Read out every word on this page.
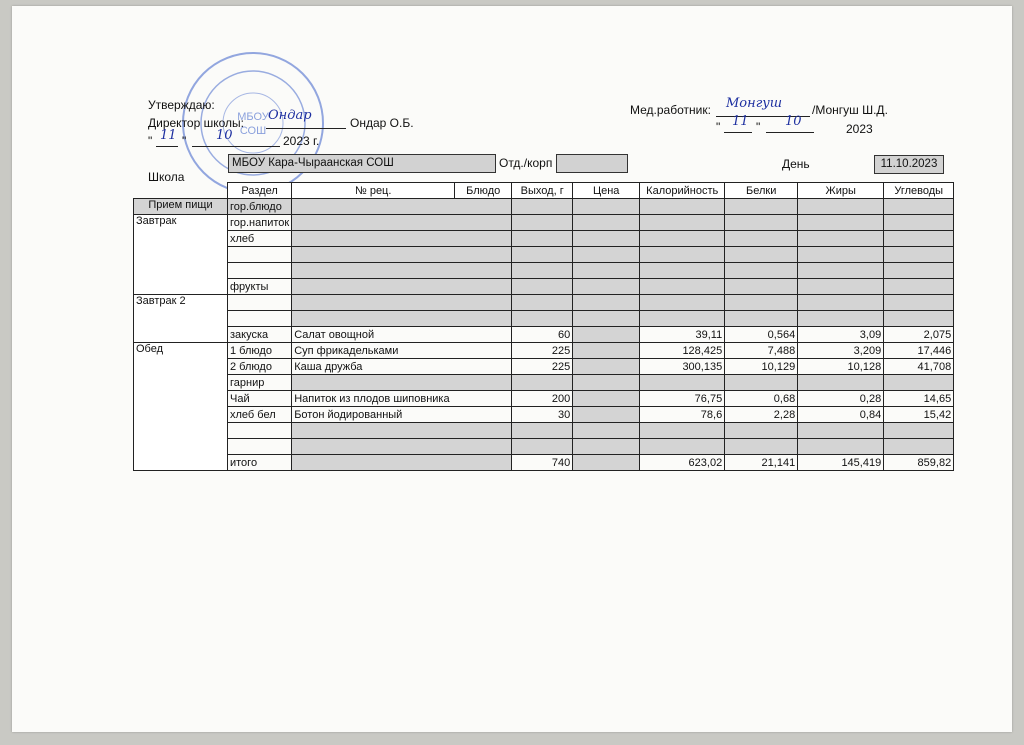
МБОУ
СОШ
Утверждаю:
Директор школы: Ондар	Ондар О.Б.
" 11 " 10	2023 г.
Мед.работник: Монгуш /Монгуш Ш.Д.
" 11 " 10	2023
Школа
МБОУ Кара-Чыраанская СОШ	Отд./корп	День	11.10.2023
	Раздел	№ рец.	Блюдо	Выход, г	Цена	Калорийность	Белки	Жиры	Углеводы
Прием пищи	гор.блюдо								
Завтрак	гор.напиток								
	хлеб								

	фрукты								
Завтрак 2									

	закуска	Салат овощной		60		39,11	0,564	3,09	2,075
Обед	1 блюдо	Суп фрикадельками		225		128,425	7,488	3,209	17,446
	2 блюдо	Каша дружба		225		300,135	10,129	10,128	41,708
	гарнир								
	Чай	Напиток из плодов шиповника		200		76,75	0,68	0,28	14,65
	хлеб бел	Ботон йодированный		30		78,6	2,28	0,84	15,42

	итого			740		623,02	21,141	145,419	859,82
